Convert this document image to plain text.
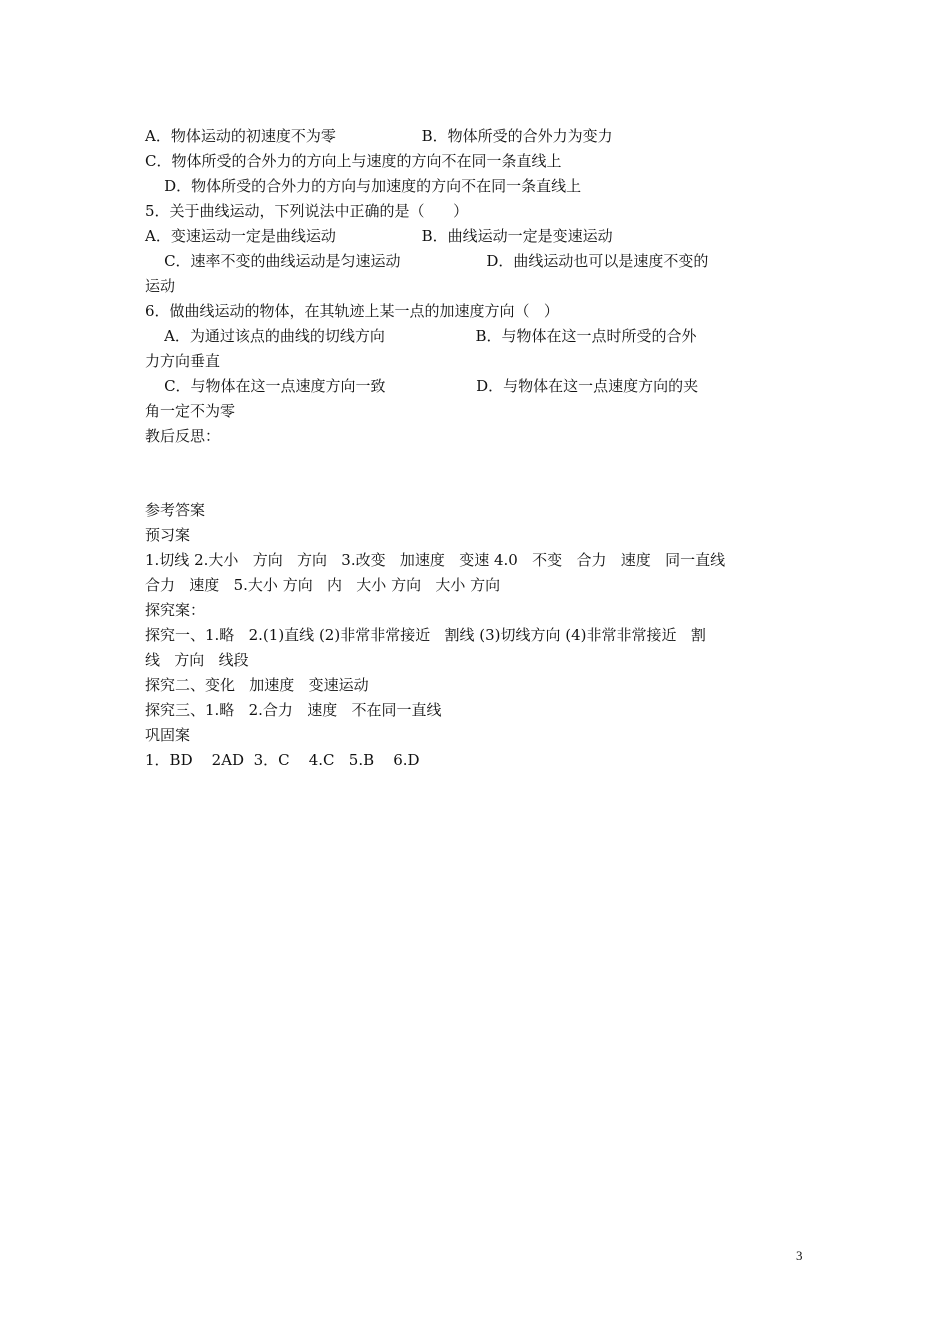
A．物体运动的初速度不为零                  B．物体所受的合外力为变力
C．物体所受的合外力的方向上与速度的方向不在同一条直线上
D．物体所受的合外力的方向与加速度的方向不在同一条直线上
5．关于曲线运动，下列说法中正确的是（      ）
A．变速运动一定是曲线运动                  B．曲线运动一定是变速运动
C．速率不变的曲线运动是匀速运动                  D．曲线运动也可以是速度不变的
运动
6．做曲线运动的物体，在其轨迹上某一点的加速度方向（   ）
A．为通过该点的曲线的切线方向                   B．与物体在这一点时所受的合外
力方向垂直
C．与物体在这一点速度方向一致                   D．与物体在这一点速度方向的夹
角一定不为零
教后反思：
参考答案
预习案
1.切线 2.大小   方向   方向   3.改变   加速度   变速 4.0   不变   合力   速度   同一直线
合力   速度   5.大小 方向   内   大小 方向   大小 方向
探究案：
探究一、1.略   2.(1)直线 (2)非常非常接近   割线 (3)切线方向 (4)非常非常接近   割
线   方向   线段
探究二、变化   加速度   变速运动
探究三、1.略   2.合力   速度   不在同一直线
巩固案
1．BD    2AD  3．C    4.C   5.B    6.D
3
